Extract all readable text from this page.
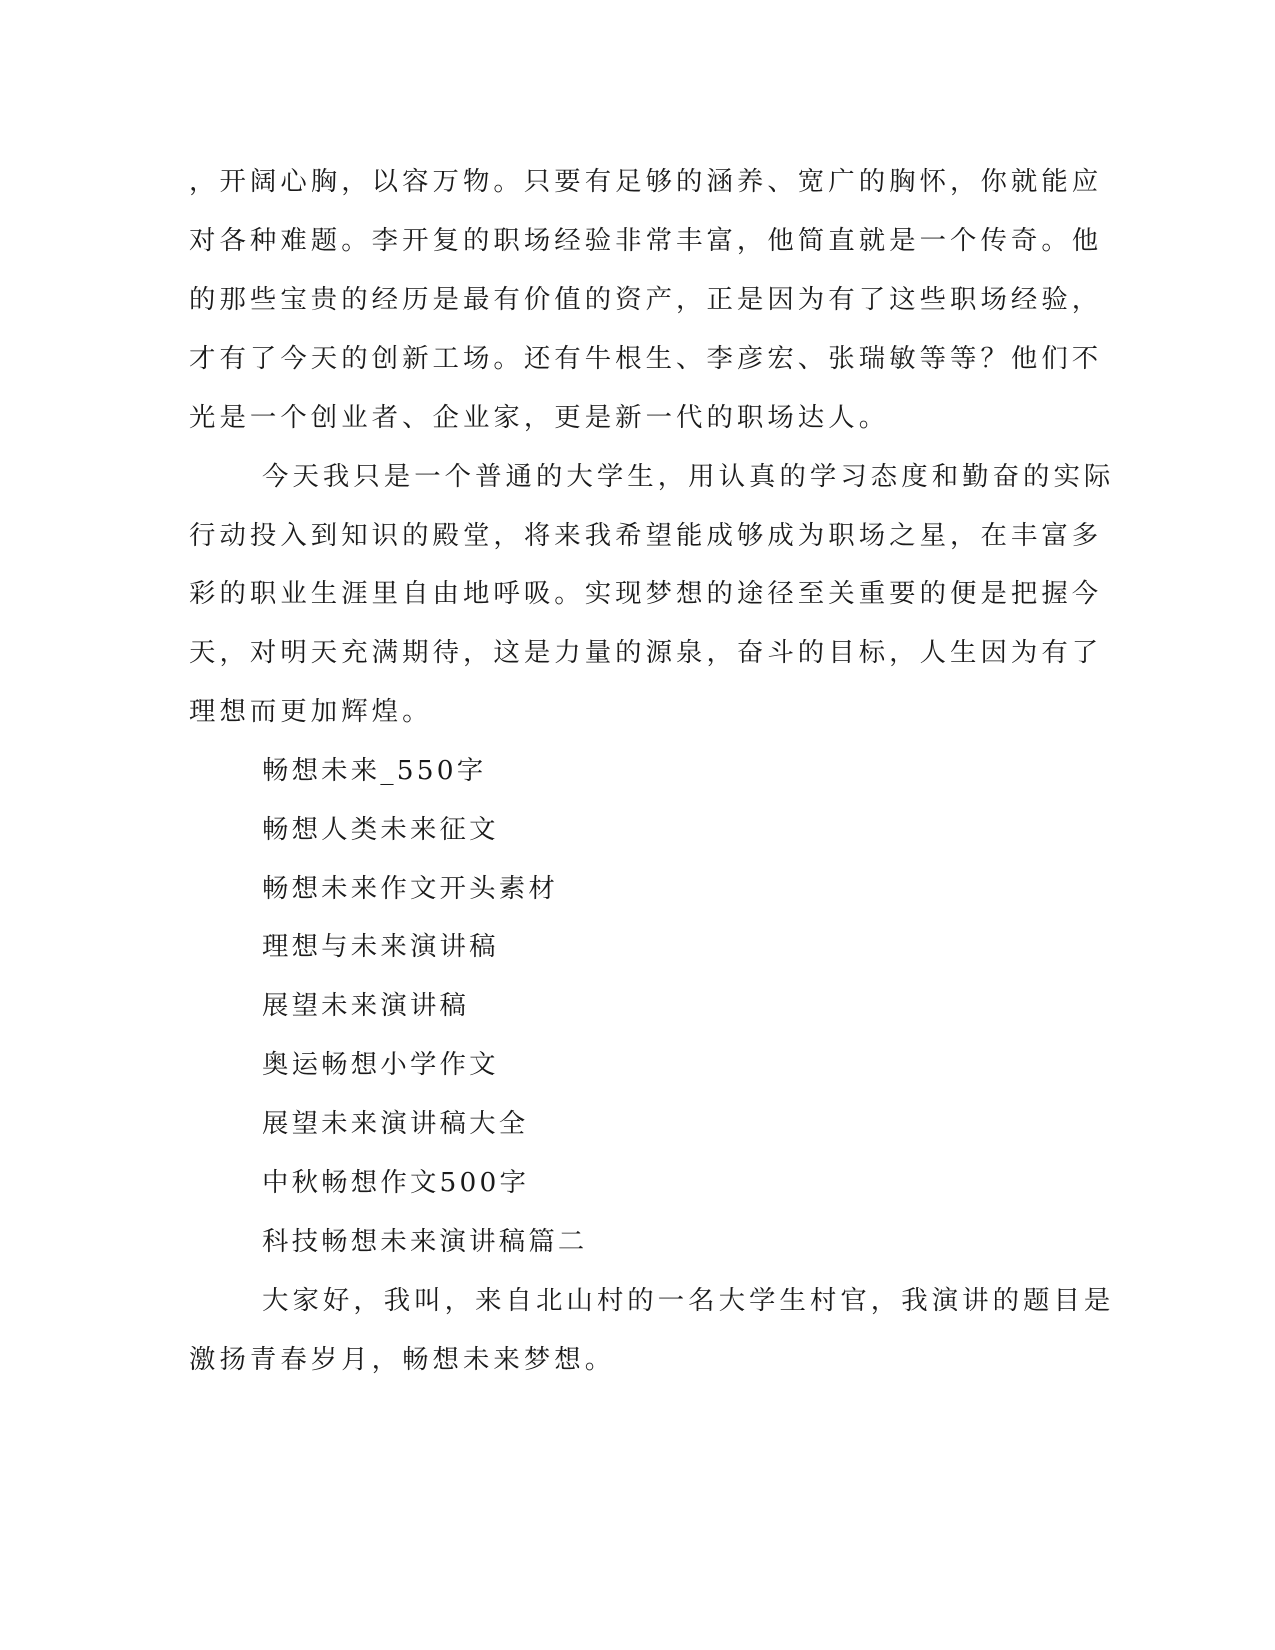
，开阔心胸，以容万物。只要有足够的涵养、宽广的胸怀，你就能应
对各种难题。李开复的职场经验非常丰富，他简直就是一个传奇。他
的那些宝贵的经历是最有价值的资产，正是因为有了这些职场经验，
才有了今天的创新工场。还有牛根生、李彦宏、张瑞敏等等？他们不
光是一个创业者、企业家，更是新一代的职场达人。
今天我只是一个普通的大学生，用认真的学习态度和勤奋的实际
行动投入到知识的殿堂，将来我希望能成够成为职场之星，在丰富多
彩的职业生涯里自由地呼吸。实现梦想的途径至关重要的便是把握今
天，对明天充满期待，这是力量的源泉，奋斗的目标，人生因为有了
理想而更加辉煌。
畅想未来_550字
畅想人类未来征文
畅想未来作文开头素材
理想与未来演讲稿
展望未来演讲稿
奥运畅想小学作文
展望未来演讲稿大全
中秋畅想作文500字
科技畅想未来演讲稿篇二
大家好，我叫，来自北山村的一名大学生村官，我演讲的题目是
激扬青春岁月，畅想未来梦想。
